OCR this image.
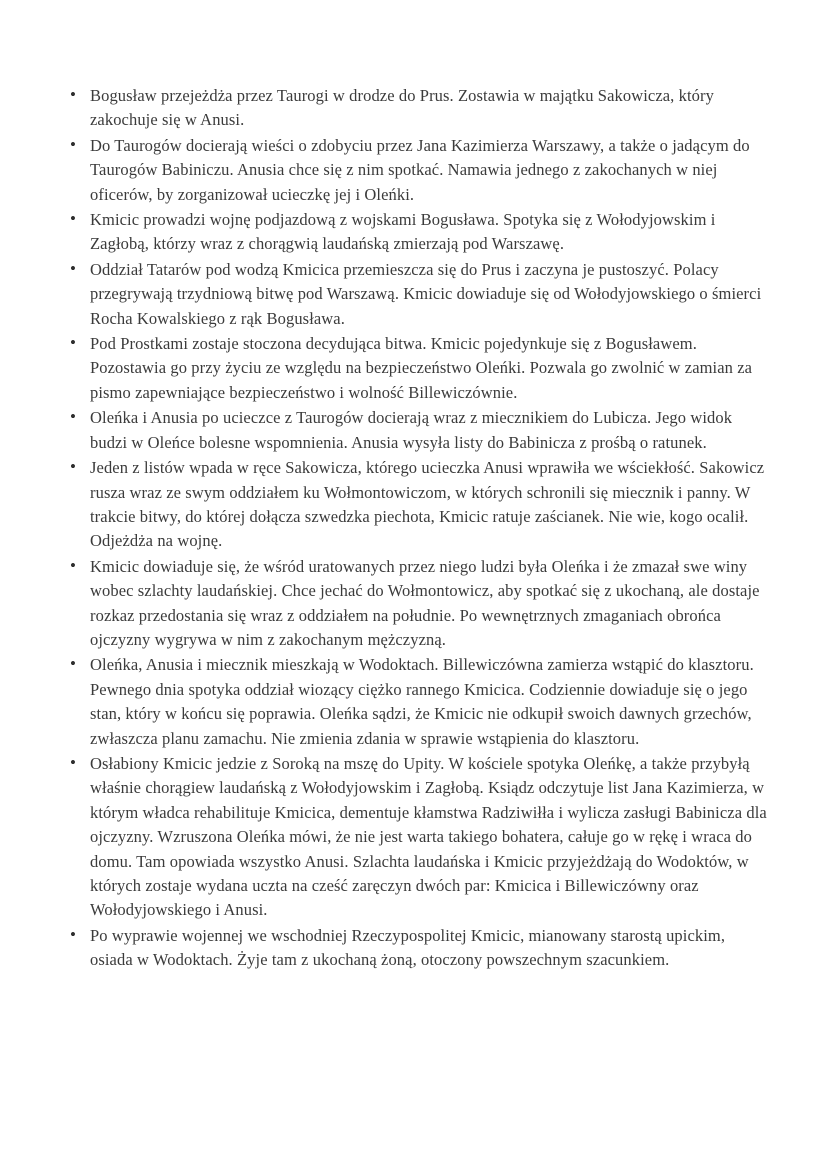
• Bogusław przejeżdża przez Taurogi w drodze do Prus. Zostawia w majątku Sakowicza, który zakochuje się w Anusi.
• Do Taurogów docierają wieści o zdobyciu przez Jana Kazimierza Warszawy, a także o jadącym do Taurogów Babiniczu. Anusia chce się z nim spotkać. Namawia jednego z zakochanych w niej oficerów, by zorganizował ucieczkę jej i Oleńki.
• Kmicic prowadzi wojnę podjazdową z wojskami Bogusława. Spotyka się z Wołodyjowskim i Zagłobą, którzy wraz z chorągwią laudańską zmierzają pod Warszawę.
• Oddział Tatarów pod wodzą Kmicica przemieszcza się do Prus i zaczyna je pustoszyć. Polacy przegrywają trzydniową bitwę pod Warszawą. Kmicic dowiaduje się od Wołodyjowskiego o śmierci Rocha Kowalskiego z rąk Bogusława.
• Pod Prostkami zostaje stoczona decydująca bitwa. Kmicic pojedynkuje się z Bogusławem. Pozostawia go przy życiu ze względu na bezpieczeństwo Oleńki. Pozwala go zwolnić w zamian za pismo zapewniające bezpieczeństwo i wolność Billewiczównie.
• Oleńka i Anusia po ucieczce z Taurogów docierają wraz z miecznikiem do Lubicza. Jego widok budzi w Oleńce bolesne wspomnienia. Anusia wysyła listy do Babinicza z prośbą o ratunek.
• Jeden z listów wpada w ręce Sakowicza, którego ucieczka Anusi wprawiła we wściekłość. Sakowicz rusza wraz ze swym oddziałem ku Wołmontowiczom, w których schronili się miecznik i panny. W trakcie bitwy, do której dołącza szwedzka piechota, Kmicic ratuje zaścianek. Nie wie, kogo ocalił. Odjeżdża na wojnę.
• Kmicic dowiaduje się, że wśród uratowanych przez niego ludzi była Oleńka i że zmazał swe winy wobec szlachty laudańskiej. Chce jechać do Wołmontowicz, aby spotkać się z ukochaną, ale dostaje rozkaz przedostania się wraz z oddziałem na południe. Po wewnętrznych zmaganiach obrońca ojczyzny wygrywa w nim z zakochanym mężczyzną.
• Oleńka, Anusia i miecznik mieszkają w Wodoktach. Billewiczówna zamierza wstąpić do klasztoru. Pewnego dnia spotyka oddział wiozący ciężko rannego Kmicica. Codziennie dowiaduje się o jego stan, który w końcu się poprawia. Oleńka sądzi, że Kmicic nie odkupił swoich dawnych grzechów, zwłaszcza planu zamachu. Nie zmienia zdania w sprawie wstąpienia do klasztoru.
• Osłabiony Kmicic jedzie z Soroką na mszę do Upity. W kościele spotyka Oleńkę, a także przybyłą właśnie chorągiew laudańską z Wołodyjowskim i Zagłobą. Ksiądz odczytuje list Jana Kazimierza, w którym władca rehabilituje Kmicica, dementuje kłamstwa Radziwiłła i wylicza zasługi Babinicza dla ojczyzny. Wzruszona Oleńka mówi, że nie jest warta takiego bohatera, całuje go w rękę i wraca do domu. Tam opowiada wszystko Anusi. Szlachta laudańska i Kmicic przyjeżdżają do Wodoktów, w których zostaje wydana uczta na cześć zaręczyn dwóch par: Kmicica i Billewiczówny oraz Wołodyjowskiego i Anusi.
• Po wyprawie wojennej we wschodniej Rzeczypospolitej Kmicic, mianowany starostą upickim, osiada w Wodoktach. Żyje tam z ukochaną żoną, otoczony powszechnym szacunkiem.
